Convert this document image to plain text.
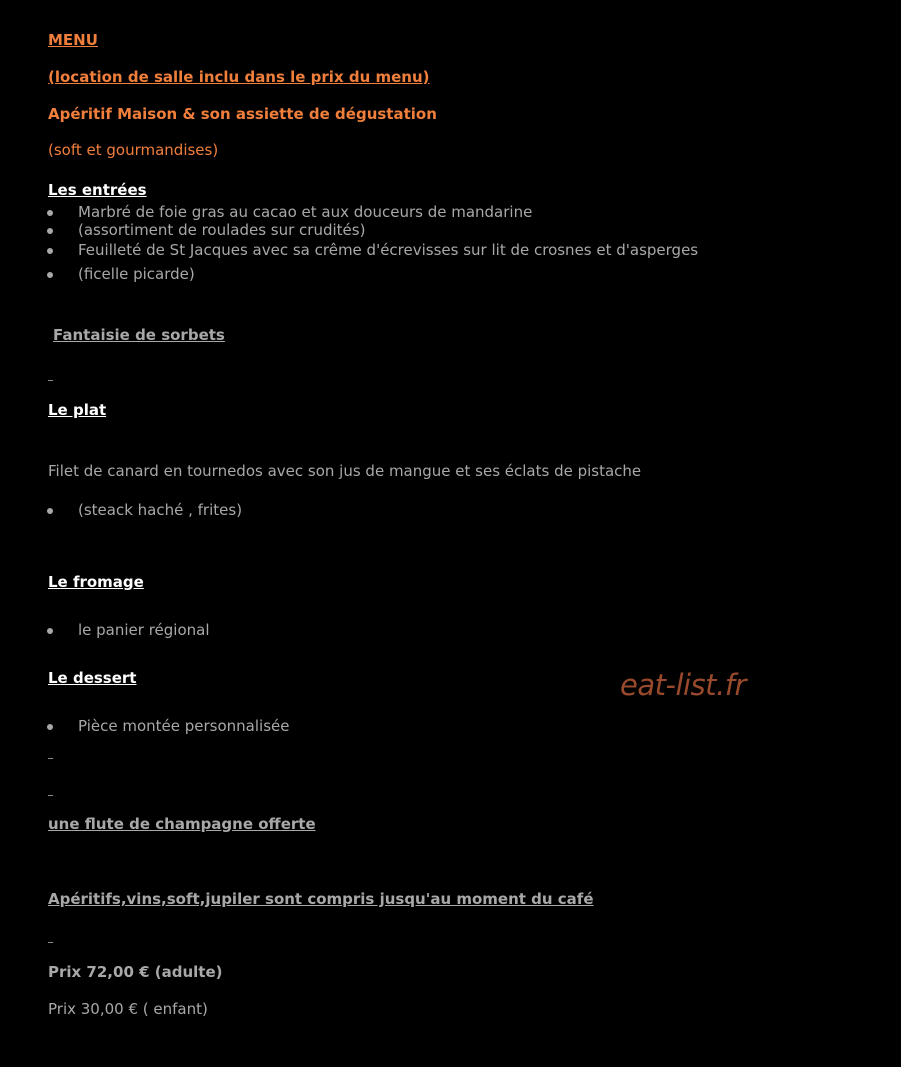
MENU
(location de salle inclu dans le prix du menu)
Apéritif Maison & son assiette de dégustation
(soft et gourmandises)
Les entrées
Marbré de foie gras au cacao et aux douceurs de mandarine
(assortiment de roulades sur crudités)
Feuilleté de St Jacques avec sa crême d'écrevisses sur lit de crosnes et d'asperges
(ficelle picarde)
Fantaisie de sorbets
Le plat
Filet de canard en tournedos avec son jus de mangue et ses éclats de pistache
(steack haché , frites)
Le fromage
le panier régional
Le dessert
Pièce montée personnalisée
une flute de champagne offerte
Apéritifs,vins,soft,jupiler sont compris jusqu'au moment du café
Prix 72,00 € (adulte)
Prix 30,00 € ( enfant)
eat-list.fr
